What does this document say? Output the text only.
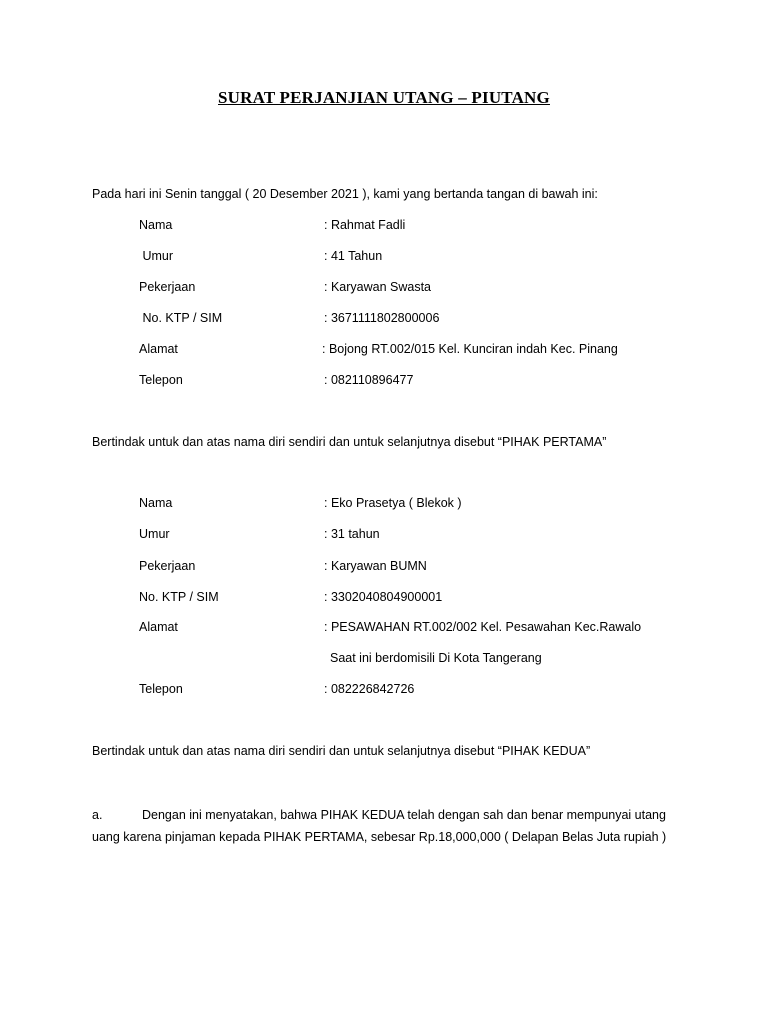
SURAT PERJANJIAN UTANG – PIUTANG
Pada hari ini Senin tanggal ( 20 Desember 2021 ), kami yang bertanda tangan di bawah ini:
Nama	: Rahmat Fadli
Umur	: 41 Tahun
Pekerjaan	: Karyawan Swasta
No. KTP / SIM	: 3671111802800006
Alamat	: Bojong RT.002/015 Kel. Kunciran indah Kec. Pinang
Telepon	: 082110896477
Bertindak untuk dan atas nama diri sendiri dan untuk selanjutnya disebut “PIHAK PERTAMA”
Nama	: Eko Prasetya ( Blekok )
Umur	: 31 tahun
Pekerjaan	: Karyawan BUMN
No. KTP / SIM	: 3302040804900001
Alamat	: PESAWAHAN RT.002/002 Kel. Pesawahan Kec.Rawalo
Saat ini berdomisili Di Kota Tangerang
Telepon	: 082226842726
Bertindak untuk dan atas nama diri sendiri dan untuk selanjutnya disebut “PIHAK KEDUA”
a.	Dengan ini menyatakan, bahwa PIHAK KEDUA telah dengan sah dan benar mempunyai utang uang karena pinjaman kepada PIHAK PERTAMA, sebesar Rp.18,000,000 ( Delapan Belas Juta rupiah )
